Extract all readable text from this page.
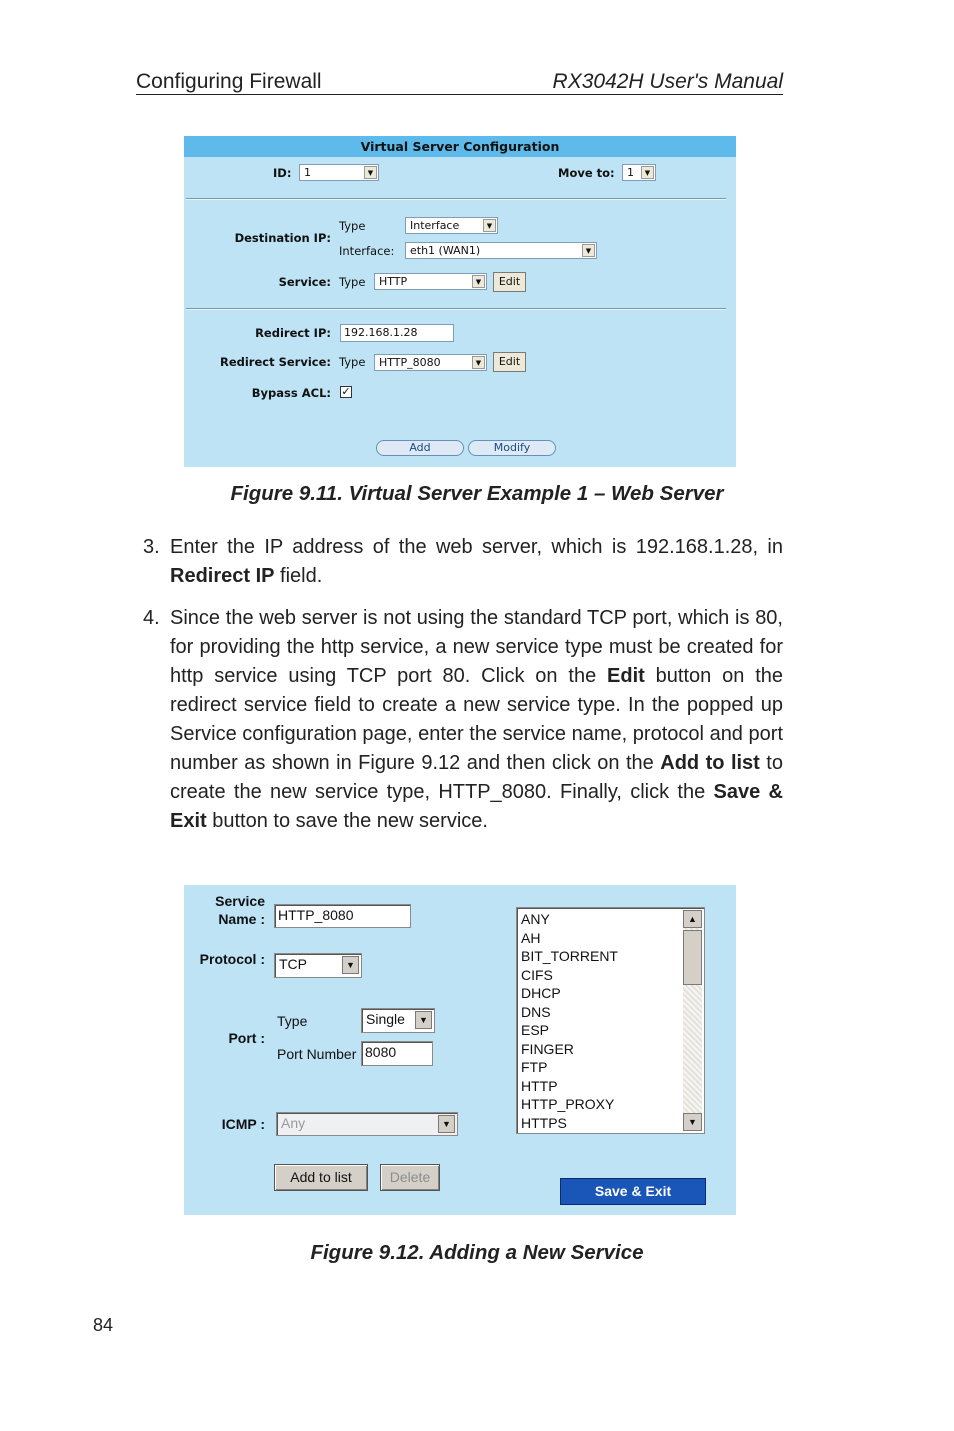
Configuring Firewall	RX3042H User's Manual
Virtual Server Configuration
ID: 1	▼	Move to: 1	▼
Destination IP:
Type	Interface	▼
Interface: eth1 (WAN1)	▼
Service: Type HTTP	▼	Edit
Redirect IP:	192.168.1.28
Redirect Service: Type HTTP_8080	▼	Edit
Bypass ACL: ✓
Add	Modify
Figure 9.11. Virtual Server Example 1 – Web Server
3. Enter the IP address of the web server, which is 192.168.1.28, in Redirect IP field.
4. Since the web server is not using the standard TCP port, which is 80, for providing the http service, a new service type must be created for http service using TCP port 80. Click on the Edit button on the redirect service field to create a new service type. In the popped up Service configuration page, enter the service name, protocol and port number as shown in Figure 9.12 and then click on the Add to list to create the new service type, HTTP_8080. Finally, click the Save & Exit button to save the new service.
Service
Name : HTTP_8080
Protocol : TCP	▼
Port :
Type	Single	▼
Port Number 8080
ICMP : Any	▼
ANY
AH
BIT_TORRENT
CIFS
DHCP
DNS
ESP
FINGER
FTP
HTTP
HTTP_PROXY
HTTPS
▲
▼
Add to list	Delete
Save & Exit
Figure 9.12. Adding a New Service
84
